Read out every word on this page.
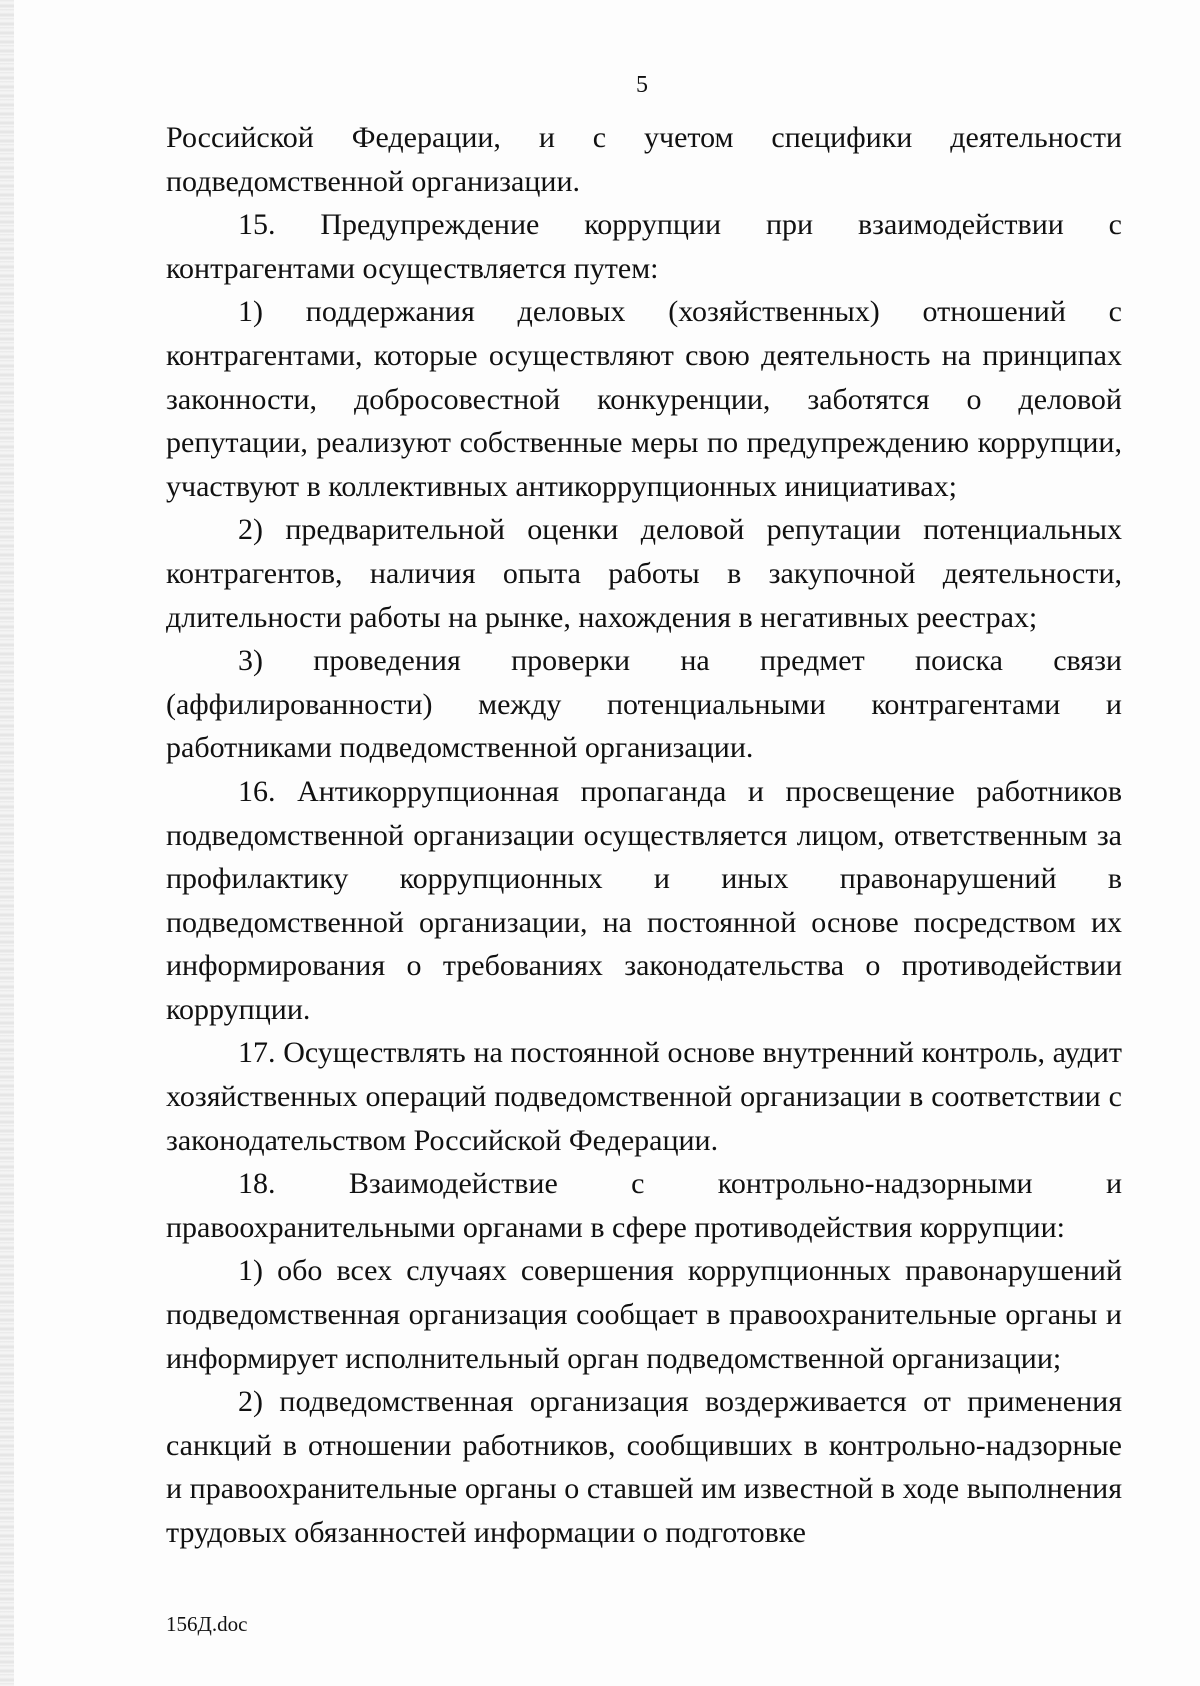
5

Российской Федерации, и с учетом специфики деятельности подведомственной организации.

15. Предупреждение коррупции при взаимодействии с контрагентами осуществляется путем:

1) поддержания деловых (хозяйственных) отношений с контрагентами, которые осуществляют свою деятельность на принципах законности, добросовестной конкуренции, заботятся о деловой репутации, реализуют собственные меры по предупреждению коррупции, участвуют в коллективных антикоррупционных инициативах;

2) предварительной оценки деловой репутации потенциальных контрагентов, наличия опыта работы в закупочной деятельности, длительности работы на рынке, нахождения в негативных реестрах;

3) проведения проверки на предмет поиска связи (аффилированности) между потенциальными контрагентами и работниками подведомственной организации.

16. Антикоррупционная пропаганда и просвещение работников подведомственной организации осуществляется лицом, ответственным за профилактику коррупционных и иных правонарушений в подведомственной организации, на постоянной основе посредством их информирования о требованиях законодательства о противодействии коррупции.

17. Осуществлять на постоянной основе внутренний контроль, аудит хозяйственных операций подведомственной организации в соответствии с законодательством Российской Федерации.

18. Взаимодействие с контрольно-надзорными и правоохранительными органами в сфере противодействия коррупции:

1) обо всех случаях совершения коррупционных правонарушений подведомственная организация сообщает в правоохранительные органы и информирует исполнительный орган подведомственной организации;

2) подведомственная организация воздерживается от применения санкций в отношении работников, сообщивших в контрольно-надзорные и правоохранительные органы о ставшей им известной в ходе выполнения трудовых обязанностей информации о подготовке

156Д.doc
